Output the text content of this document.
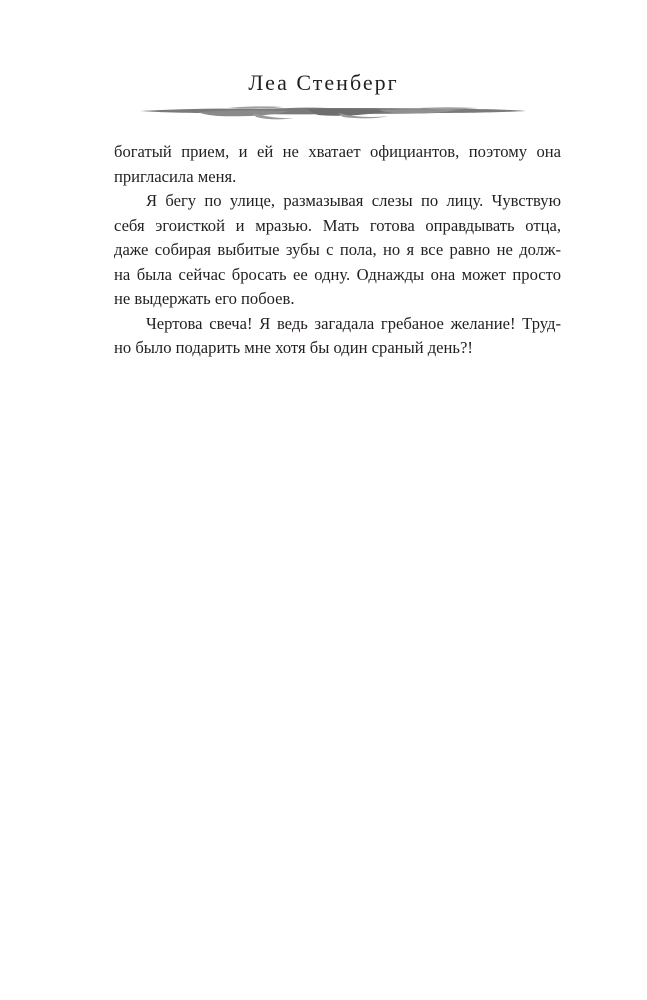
Леа Стенберг

богатый прием, и ей не хватает официантов, поэтому она
пригласила меня.

Я бегу по улице, размазывая слезы по лицу. Чувствую
себя эгоисткой и мразью. Мать готова оправдывать отца,
даже собирая выбитые зубы с пола, но я все равно не долж-
на была сейчас бросать ее одну. Однажды она может просто
не выдержать его побоев.

Чертова свеча! Я ведь загадала гребаное желание! Труд-
но было подарить мне хотя бы один сраный день?!
